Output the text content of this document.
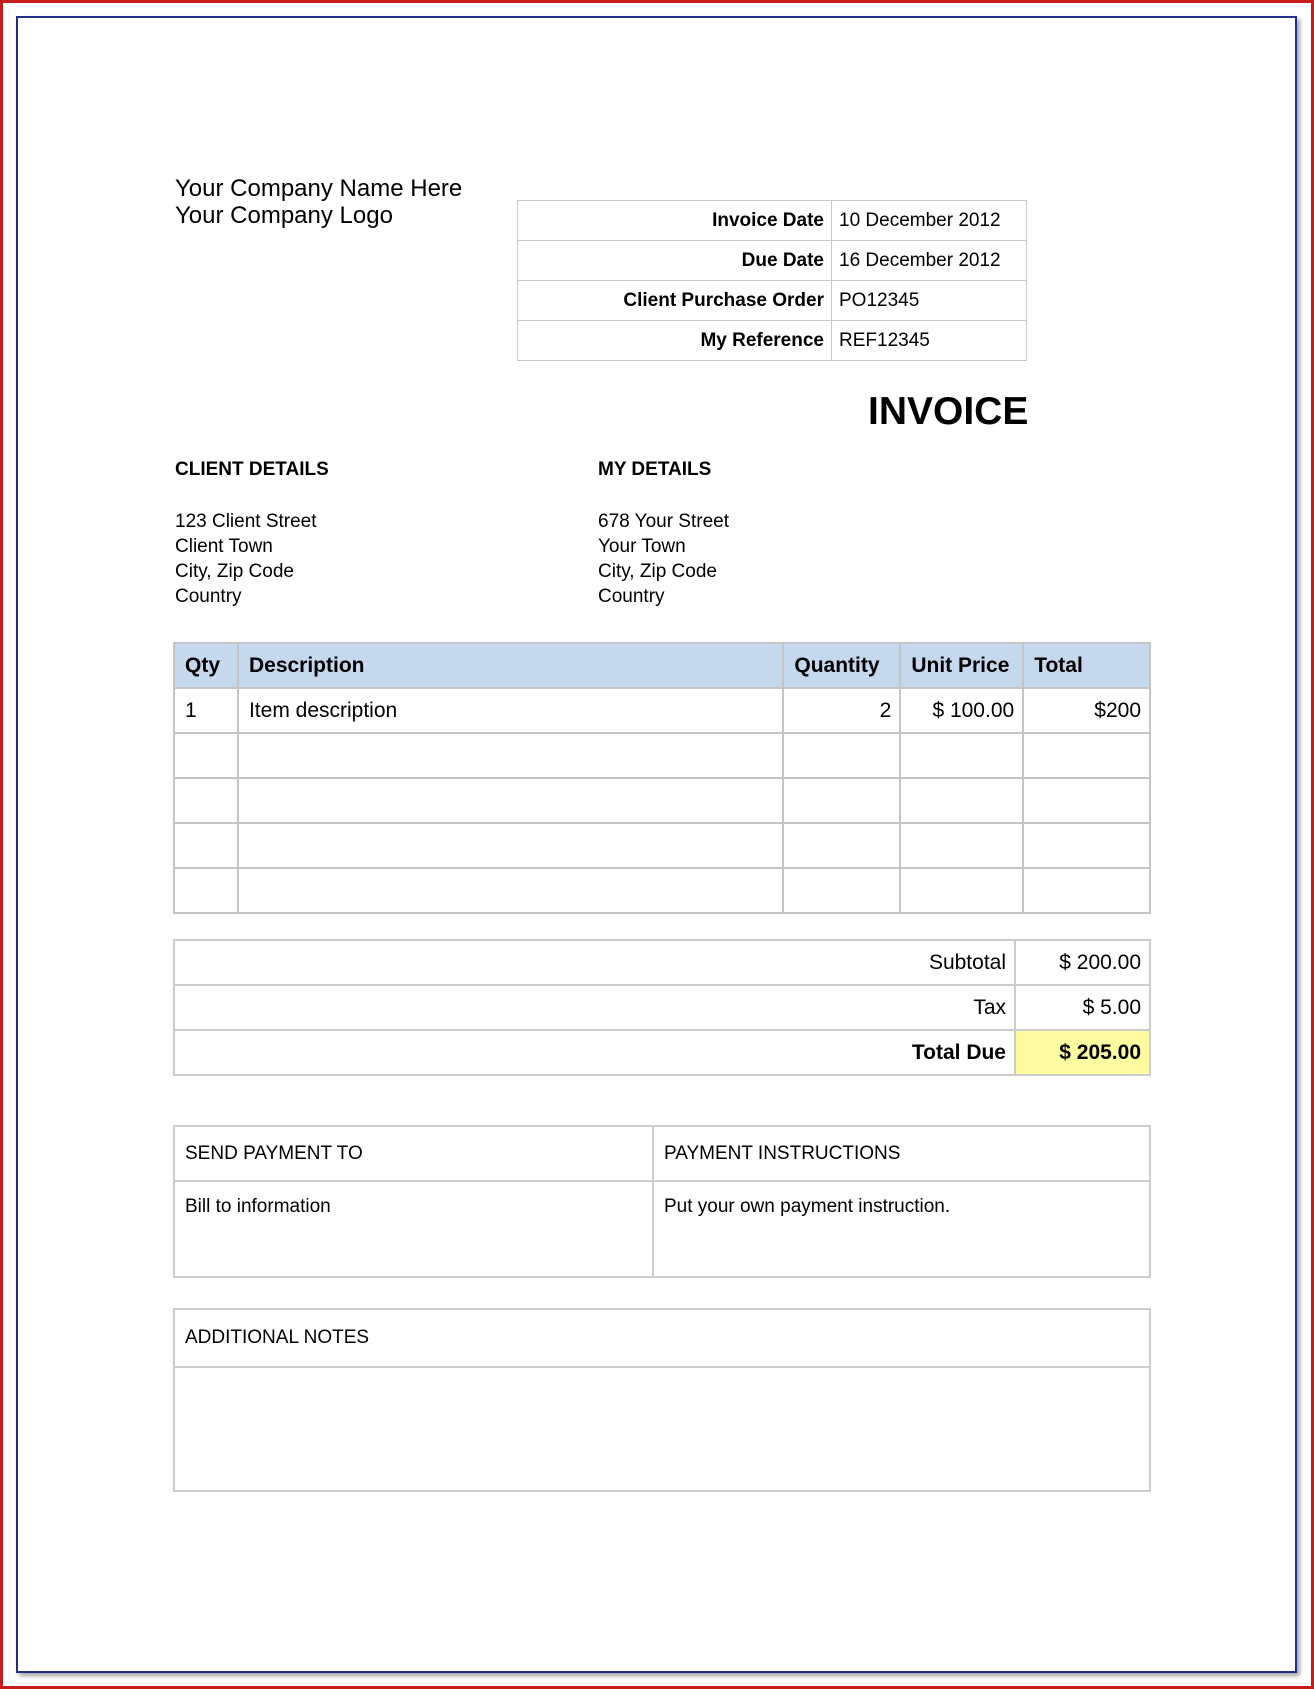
Your Company Name Here
Your Company Logo	Invoice Date	10 December 2012
Due Date	16 December 2012
Client Purchase Order	PO12345
My Reference	REF12345
INVOICE
CLIENT DETAILS
123 Client Street
Client Town
City, Zip Code
Country
MY DETAILS
678 Your Street
Your Town
City, Zip Code
Country
Qty	Description	Quantity	Unit Price	Total
1	Item description	2	$ 100.00	$200

Subtotal	$ 200.00
Tax	$ 5.00
Total Due	$ 205.00
SEND PAYMENT TO	PAYMENT INSTRUCTIONS
Bill to information	Put your own payment instruction.
ADDITIONAL NOTES
